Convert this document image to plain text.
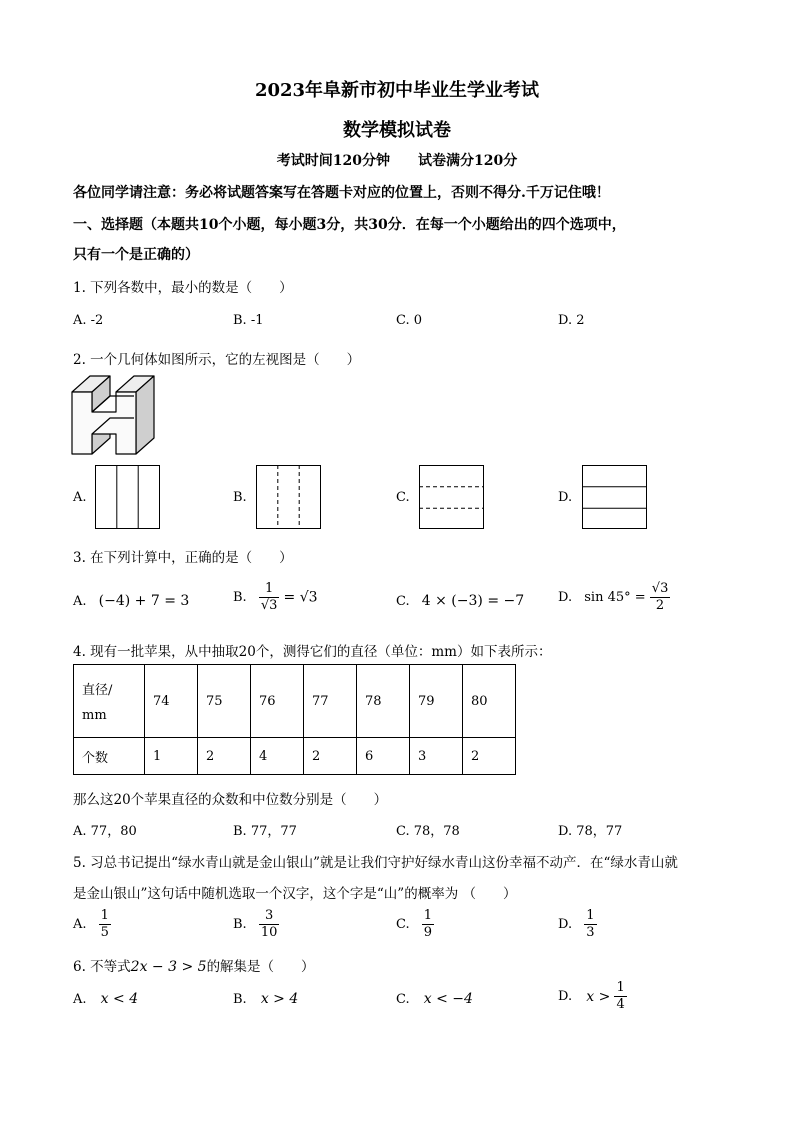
2023年阜新市初中毕业生学业考试
数学模拟试卷
考试时间120分钟　　试卷满分120分
各位同学请注意：务必将试题答案写在答题卡对应的位置上，否则不得分.千万记住哦！
一、选择题（本题共10个小题，每小题3分，共30分．在每一个小题给出的四个选项中，
只有一个是正确的）
1. 下列各数中，最小的数是（　　）
A. -2	B. -1	C. 0	D. 2
2. 一个几何体如图所示，它的左视图是（　　）
A.	B.	C.	D.
3. 在下列计算中，正确的是（　　）
A. (−4) + 7 = 3	B. $\frac{1}{√3} = √3$	C. 4 × (−3) = −7	D. $\sin 45^\circ = \frac{√3}{2}$
4. 现有一批苹果，从中抽取20个，测得它们的直径（单位：mm）如下表所示：
直径/
mm	74	75	76	77	78	79	80
个数	1	2	4	2	6	3	2
那么这20个苹果直径的众数和中位数分别是（　　）
A. 77，80	B. 77，77	C. 78，78	D. 78，77
5. 习总书记提出“绿水青山就是金山银山”就是让我们守护好绿水青山这份幸福不动产．在“绿水青山就
是金山银山”这句话中随机选取一个汉字，这个字是“山”的概率为 （　　）
A. $\frac{1}{5}$	B. $\frac{3}{10}$	C. $\frac{1}{9}$	D. $\frac{1}{3}$
6. 不等式2x − 3 > 5的解集是（　　）
A. x < 4	B. x > 4	C. x < −4	D. $x > \frac{1}{4}$
